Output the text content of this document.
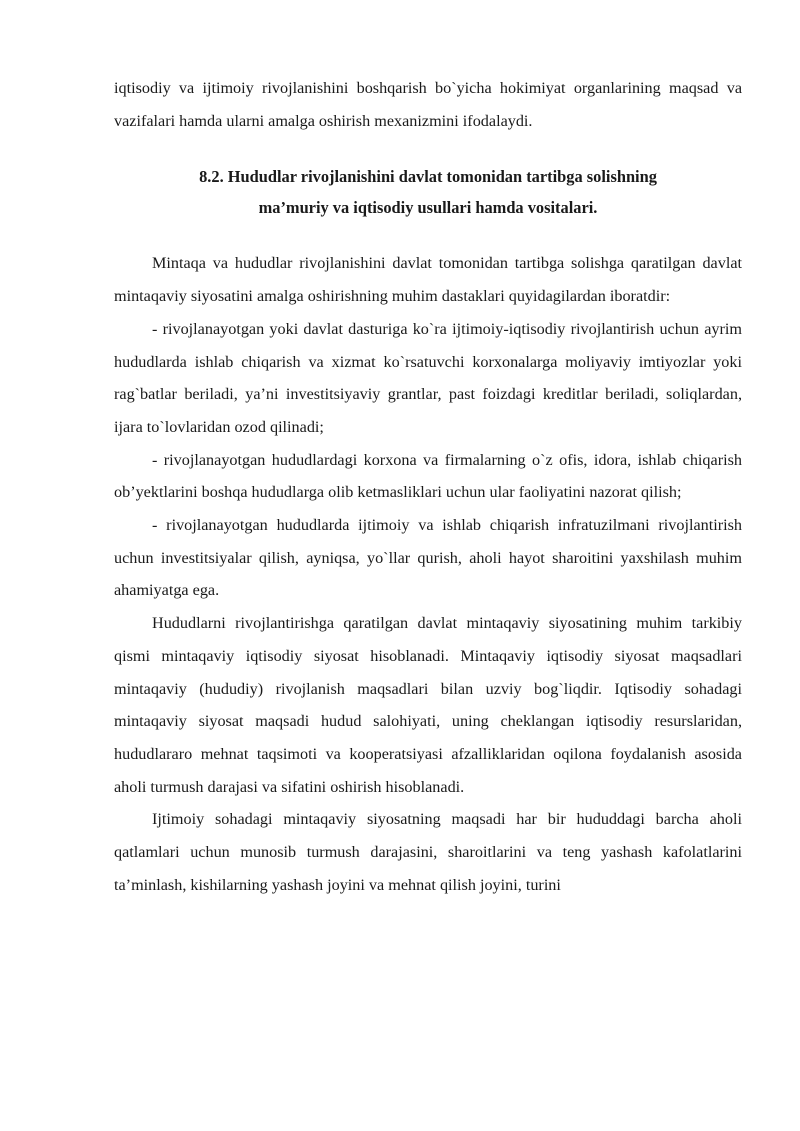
iqtisodiy va ijtimoiy rivojlanishini boshqarish bo`yicha hokimiyat organlarining maqsad va vazifalari hamda ularni amalga oshirish mexanizmini ifodalaydi.

8.2. Hududlar rivojlanishini davlat tomonidan tartibga solishning
ma’muriy va iqtisodiy usullari hamda vositalari.

Mintaqa va hududlar rivojlanishini davlat tomonidan tartibga solishga qaratilgan davlat mintaqaviy siyosatini amalga oshirishning muhim dastaklari quyidagilardan iboratdir:

- rivojlanayotgan yoki davlat dasturiga ko`ra ijtimoiy-iqtisodiy rivojlantirish uchun ayrim hududlarda ishlab chiqarish va xizmat ko`rsatuvchi korxonalarga moliyaviy imtiyozlar yoki rag`batlar beriladi, ya’ni investitsiyaviy grantlar, past foizdagi kreditlar beriladi, soliqlardan, ijara to`lovlaridan ozod qilinadi;

- rivojlanayotgan hududlardagi korxona va firmalarning o`z ofis, idora, ishlab chiqarish ob’yektlarini boshqa hududlarga olib ketmasliklari uchun ular faoliyatini nazorat qilish;

- rivojlanayotgan hududlarda ijtimoiy va ishlab chiqarish infratuzilmani rivojlantirish uchun investitsiyalar qilish, ayniqsa, yo`llar qurish, aholi hayot sharoitini yaxshilash muhim ahamiyatga ega.

Hududlarni rivojlantirishga qaratilgan davlat mintaqaviy siyosatining muhim tarkibiy qismi mintaqaviy iqtisodiy siyosat hisoblanadi. Mintaqaviy iqtisodiy siyosat maqsadlari mintaqaviy (hududiy) rivojlanish maqsadlari bilan uzviy bog`liqdir. Iqtisodiy sohadagi mintaqaviy siyosat maqsadi hudud salohiyati, uning cheklangan iqtisodiy resurslaridan, hududlararo mehnat taqsimoti va kooperatsiyasi afzalliklaridan oqilona foydalanish asosida aholi turmush darajasi va sifatini oshirish hisoblanadi.

Ijtimoiy sohadagi mintaqaviy siyosatning maqsadi har bir hududdagi barcha aholi qatlamlari uchun munosib turmush darajasini, sharoitlarini va teng yashash kafolatlarini ta’minlash, kishilarning yashash joyini va mehnat qilish joyini, turini
